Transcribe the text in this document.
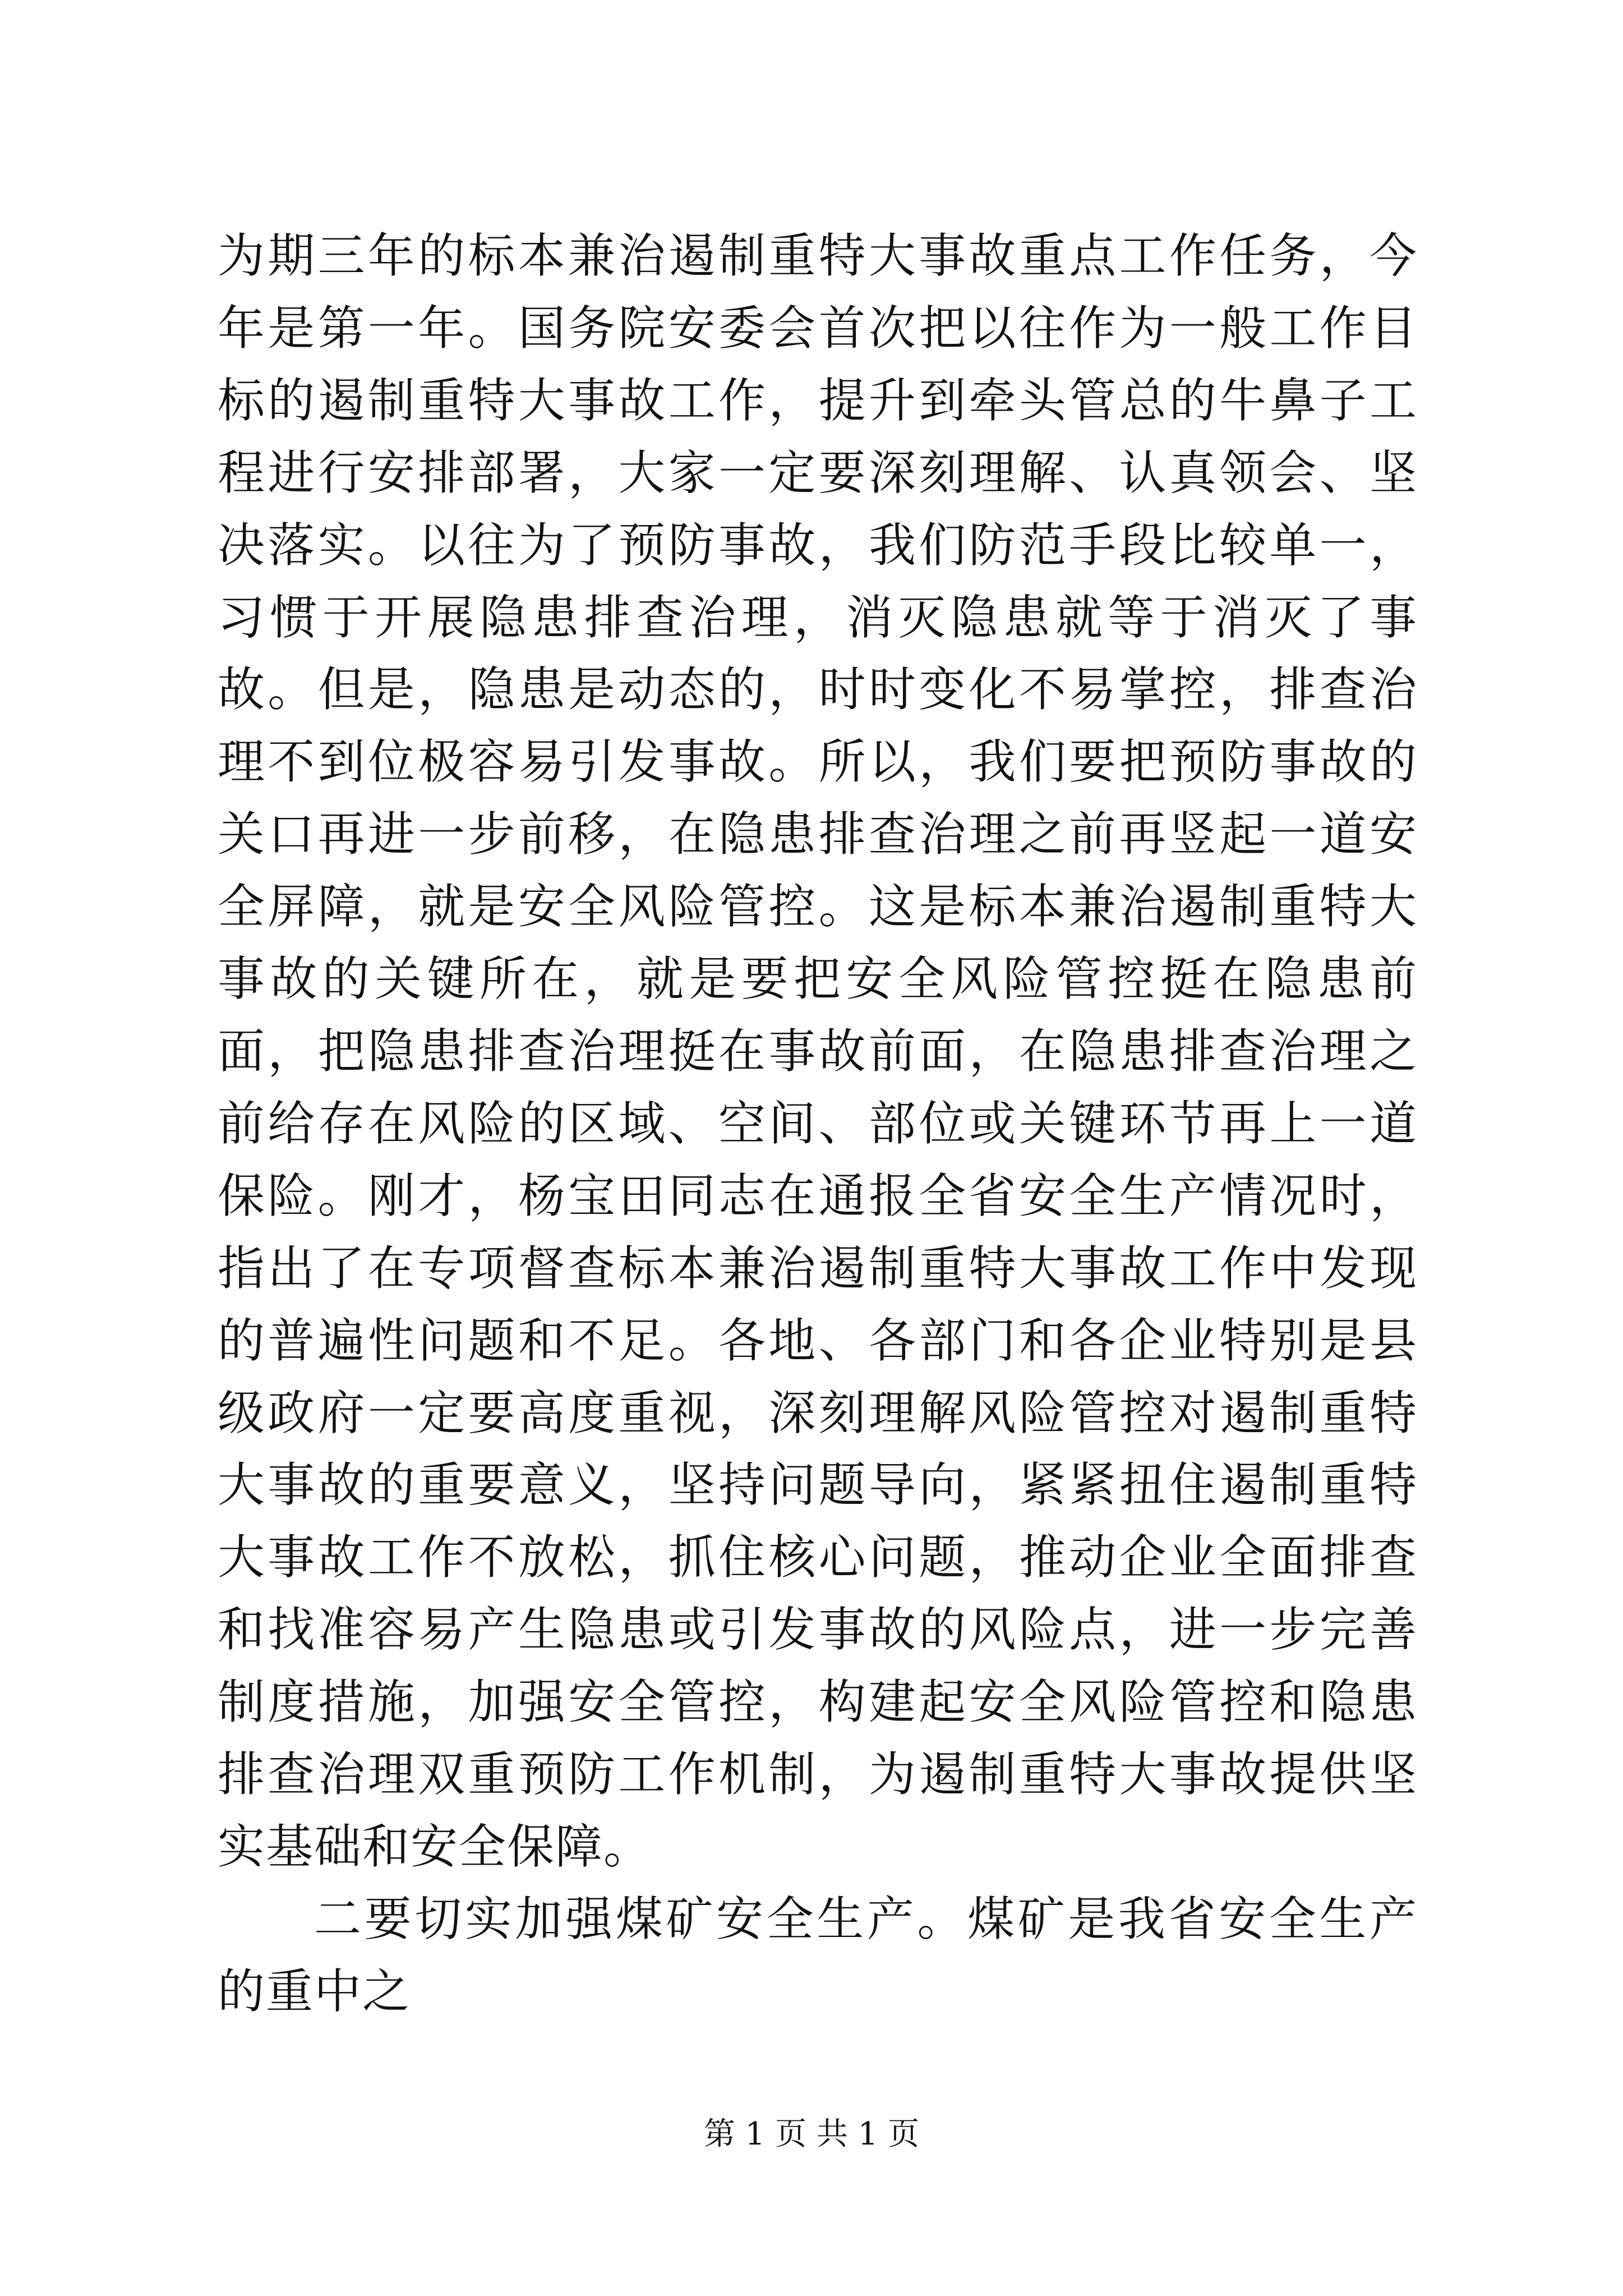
为期三年的标本兼治遏制重特大事故重点工作任务，今年是第一年。国务院安委会首次把以往作为一般工作目标的遏制重特大事故工作，提升到牵头管总的牛鼻子工程进行安排部署，大家一定要深刻理解、认真领会、坚决落实。以往为了预防事故，我们防范手段比较单一，习惯于开展隐患排查治理，消灭隐患就等于消灭了事故。但是，隐患是动态的，时时变化不易掌控，排查治理不到位极容易引发事故。所以，我们要把预防事故的关口再进一步前移，在隐患排查治理之前再竖起一道安全屏障，就是安全风险管控。这是标本兼治遏制重特大事故的关键所在，就是要把安全风险管控挺在隐患前面，把隐患排查治理挺在事故前面，在隐患排查治理之前给存在风险的区域、空间、部位或关键环节再上一道保险。刚才，杨宝田同志在通报全省安全生产情况时，指出了在专项督查标本兼治遏制重特大事故工作中发现的普遍性问题和不足。各地、各部门和各企业特别是县级政府一定要高度重视，深刻理解风险管控对遏制重特大事故的重要意义，坚持问题导向，紧紧扭住遏制重特大事故工作不放松，抓住核心问题，推动企业全面排查和找准容易产生隐患或引发事故的风险点，进一步完善制度措施，加强安全管控，构建起安全风险管控和隐患排查治理双重预防工作机制，为遏制重特大事故提供坚实基础和安全保障。

二要切实加强煤矿安全生产。煤矿是我省安全生产的重中之

第 1 页 共 1 页
